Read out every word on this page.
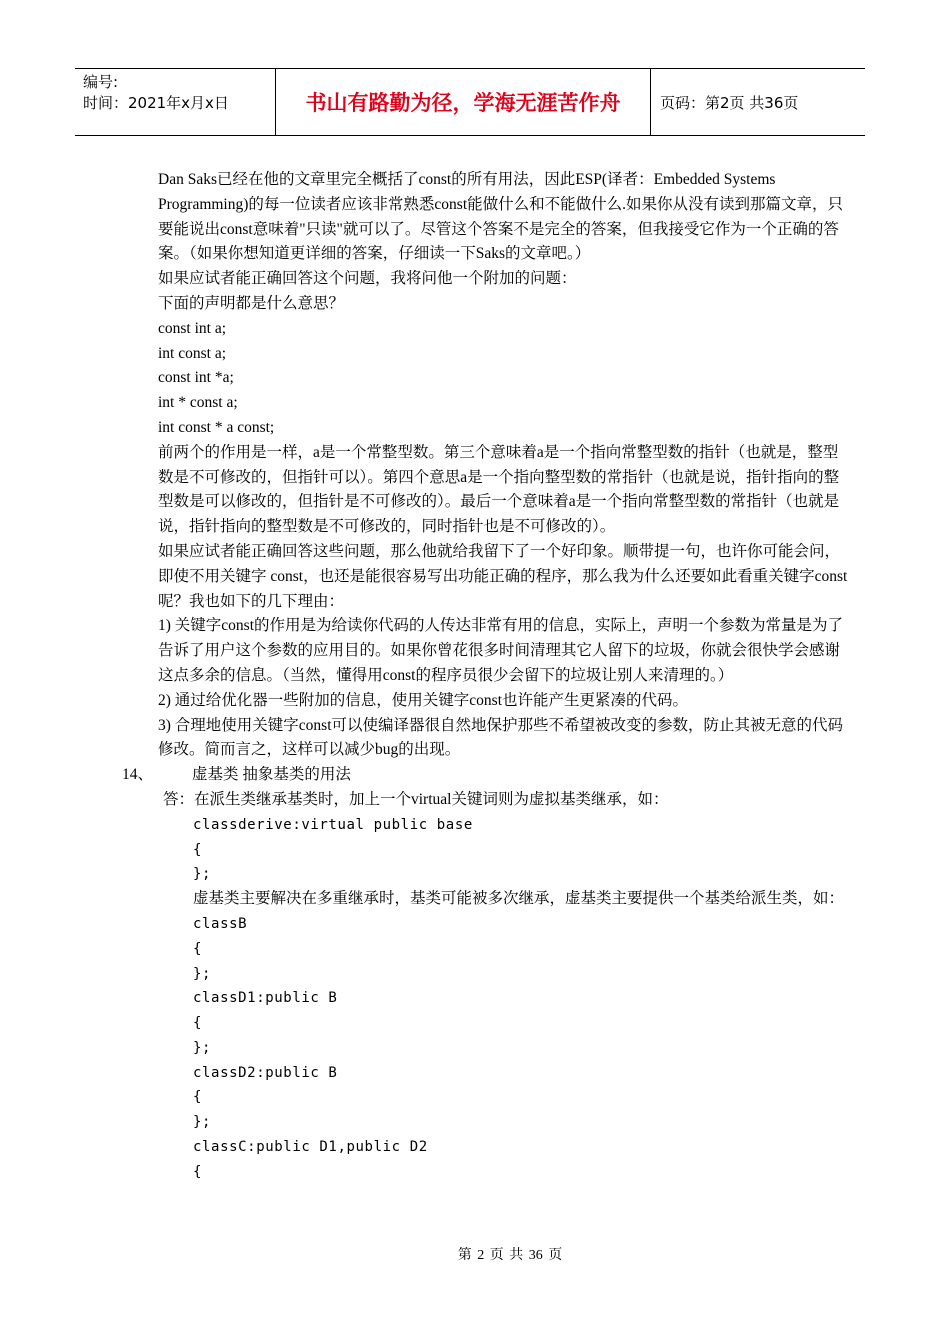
编号:
时间：2021年x月x日	书山有路勤为径，学海无涯苦作舟	页码：第2页 共36页

Dan Saks已经在他的文章里完全概括了const的所有用法，因此ESP(译者：Embedded Systems Programming)的每一位读者应该非常熟悉const能做什么和不能做什么.如果你从没有读到那篇文章，只要能说出const意味着"只读"就可以了。尽管这个答案不是完全的答案，但我接受它作为一个正确的答案。（如果你想知道更详细的答案，仔细读一下Saks的文章吧。）

如果应试者能正确回答这个问题，我将问他一个附加的问题：

下面的声明都是什么意思？

const int a;

int const a;

const int *a;

int * const a;

int const * a const;

前两个的作用是一样，a是一个常整型数。第三个意味着a是一个指向常整型数的指针（也就是，整型数是不可修改的，但指针可以）。第四个意思a是一个指向整型数的常指针（也就是说，指针指向的整型数是可以修改的，但指针是不可修改的）。最后一个意味着a是一个指向常整型数的常指针（也就是说，指针指向的整型数是不可修改的，同时指针也是不可修改的）。

如果应试者能正确回答这些问题，那么他就给我留下了一个好印象。顺带提一句，也许你可能会问，即使不用关键字 const，也还是能很容易写出功能正确的程序，那么我为什么还要如此看重关键字const呢？我也如下的几下理由：

1) 关键字const的作用是为给读你代码的人传达非常有用的信息，实际上，声明一个参数为常量是为了告诉了用户这个参数的应用目的。如果你曾花很多时间清理其它人留下的垃圾，你就会很快学会感谢这点多余的信息。（当然，懂得用const的程序员很少会留下的垃圾让别人来清理的。）

2) 通过给优化器一些附加的信息，使用关键字const也许能产生更紧凑的代码。

3) 合理地使用关键字const可以使编译器很自然地保护那些不希望被改变的参数，防止其被无意的代码修改。简而言之，这样可以减少bug的出现。

14、	虚基类 抽象基类的用法

答：在派生类继承基类时，加上一个virtual关键词则为虚拟基类继承，如：

classderive:virtual public base

{

};

虚基类主要解决在多重继承时，基类可能被多次继承，虚基类主要提供一个基类给派生类，如：

classB

{

};

classD1:public B

{

};

classD2:public B

{

};

classC:public D1,public D2

{

第 2 页 共 36 页
